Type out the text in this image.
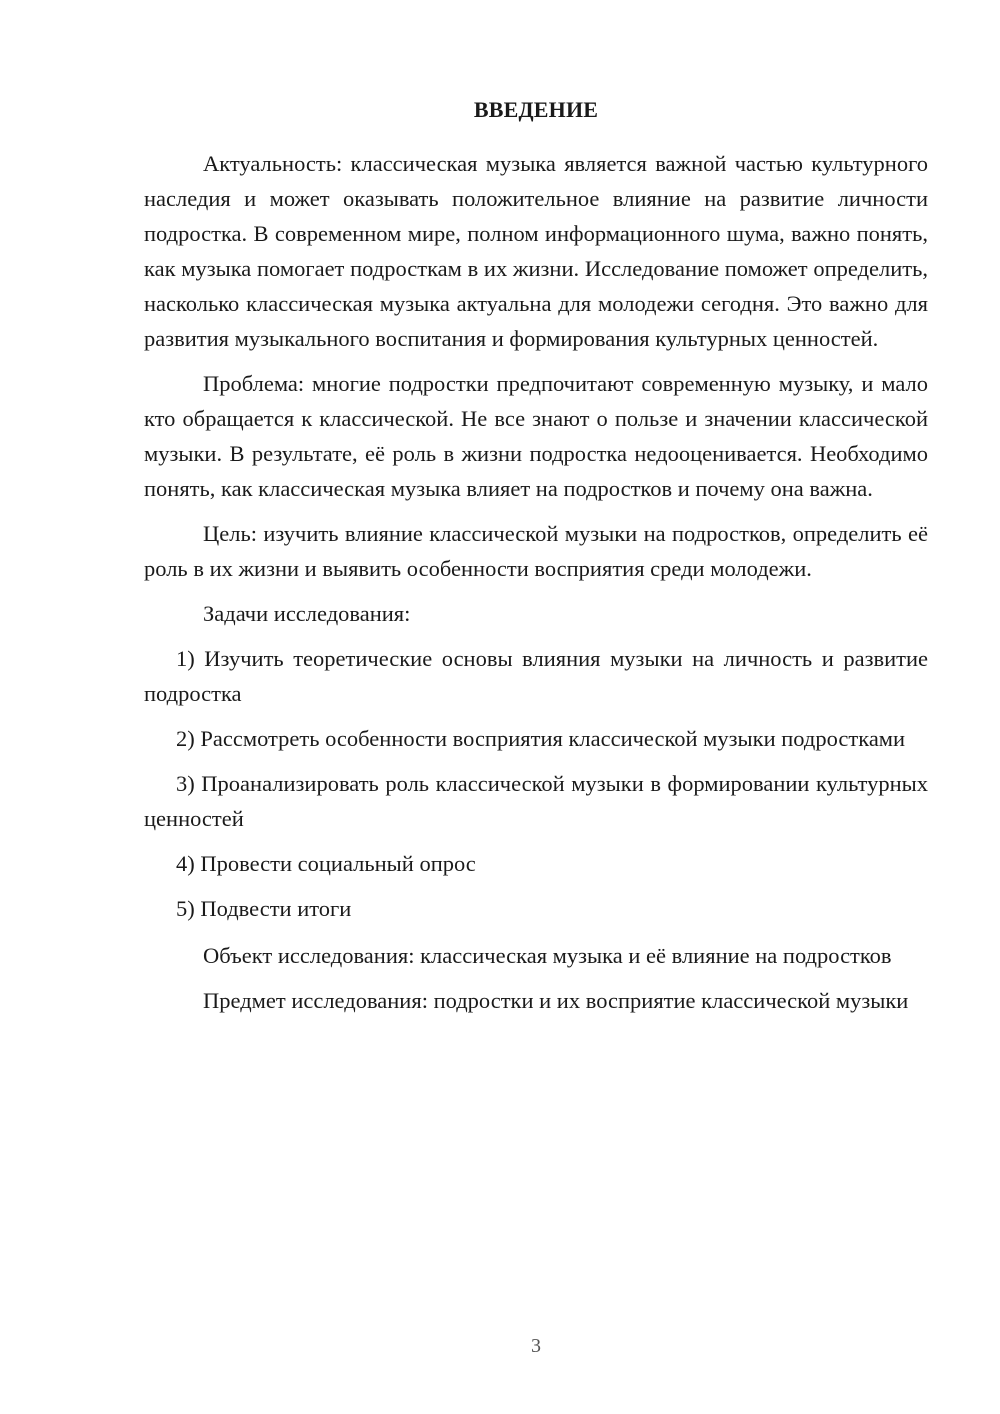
ВВЕДЕНИЕ

Актуальность: классическая музыка является важной частью культурного наследия и может оказывать положительное влияние на развитие личности подростка. В современном мире, полном информационного шума, важно понять, как музыка помогает подросткам в их жизни. Исследование поможет определить, насколько классическая музыка актуальна для молодежи сегодня. Это важно для развития музыкального воспитания и формирования культурных ценностей.

Проблема: многие подростки предпочитают современную музыку, и мало кто обращается к классической. Не все знают о пользе и значении классической музыки. В результате, её роль в жизни подростка недооценивается. Необходимо понять, как классическая музыка влияет на подростков и почему она важна.

Цель: изучить влияние классической музыки на подростков, определить её роль в их жизни и выявить особенности восприятия среди молодежи.

Задачи исследования:

1) Изучить теоретические основы влияния музыки на личность и развитие подростка

2) Рассмотреть особенности восприятия классической музыки подростками

3) Проанализировать роль классической музыки в формировании культурных ценностей

4) Провести социальный опрос

5) Подвести итоги

Объект исследования: классическая музыка и её влияние на подростков

Предмет исследования: подростки и их восприятие классической музыки

3
